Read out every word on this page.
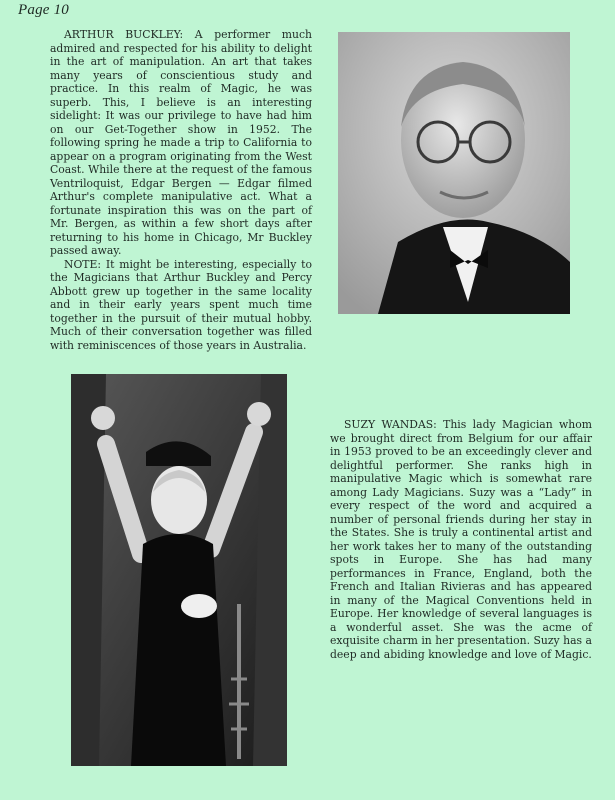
Page 10

ARTHUR BUCKLEY: A performer much admired and respected for his ability to delight in the art of manipulation. An art that takes many years of conscientious study and practice. In this realm of Magic, he was superb. This, I believe is an interesting sidelight: It was our privilege to have had him on our Get-Together show in 1952. The following spring he made a trip to California to appear on a program originating from the West Coast. While there at the request of the famous Ventriloquist, Edgar Bergen — Edgar filmed Arthur's complete manipulative act. What a fortunate inspiration this was on the part of Mr. Bergen, as within a few short days after returning to his home in Chicago, Mr Buckley passed away.

NOTE: It might be interesting, especially to the Magicians that Arthur Buckley and Percy Abbott grew up together in the same locality and in their early years spent much time together in the pursuit of their mutual hobby. Much of their conversation together was filled with reminiscences of those years in Australia.

SUZY WANDAS: This lady Magician whom we brought direct from Belgium for our affair in 1953 proved to be an exceedingly clever and delightful performer. She ranks high in manipulative Magic which is somewhat rare among Lady Magicians. Suzy was a “Lady” in every respect of the word and acquired a number of personal friends during her stay in the States. She is truly a continental artist and her work takes her to many of the outstanding spots in Europe. She has had many performances in France, England, both the French and Italian Rivieras and has appeared in many of the Magical Conventions held in Europe. Her knowledge of several languages is a wonderful asset. She was the acme of exquisite charm in her presentation. Suzy has a deep and abiding knowledge and love of Magic.
